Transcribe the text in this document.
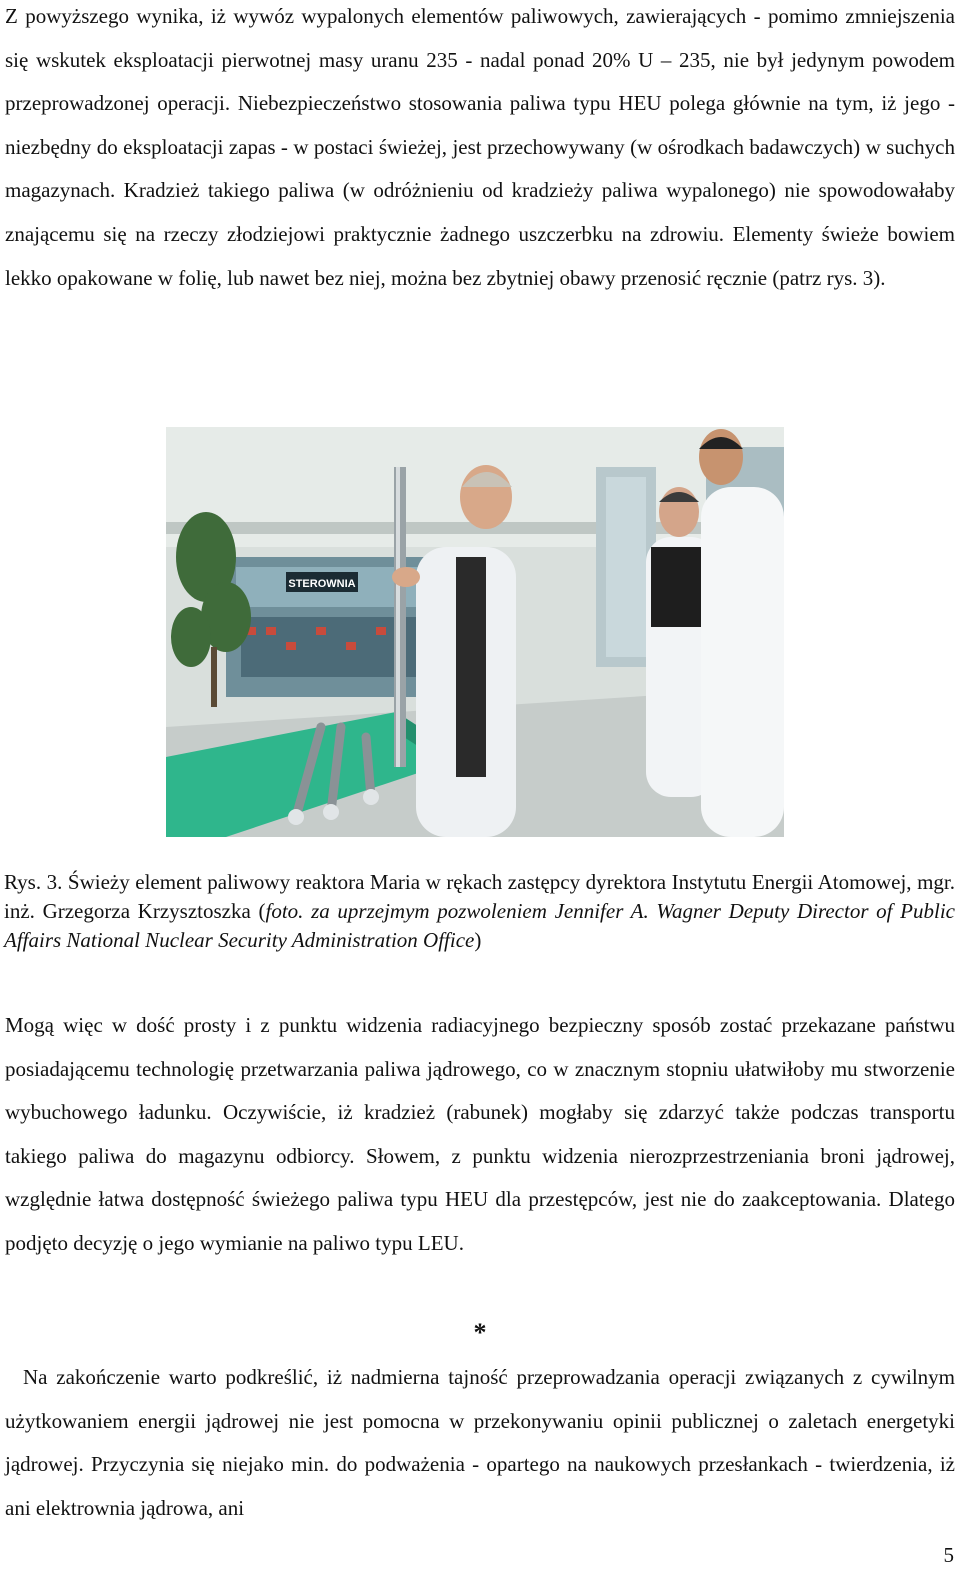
Z powyższego wynika, iż wywóz wypalonych elementów paliwowych, zawierających - pomimo zmniejszenia się wskutek eksploatacji pierwotnej masy uranu 235 - nadal ponad 20% U – 235, nie był jedynym powodem przeprowadzonej operacji. Niebezpieczeństwo stosowania paliwa typu HEU polega głównie na tym, iż jego - niezbędny do eksploatacji zapas - w postaci świeżej, jest przechowywany (w ośrodkach badawczych) w suchych magazynach. Kradzież takiego paliwa (w odróżnieniu od kradzieży paliwa wypalonego) nie spowodowałaby znającemu się na rzeczy złodziejowi praktycznie żadnego uszczerbku na zdrowiu. Elementy świeże bowiem lekko opakowane w folię, lub nawet bez niej, można bez zbytniej obawy przenosić ręcznie (patrz rys. 3).

STEROWNIA

Rys. 3. Świeży element paliwowy reaktora Maria w rękach zastępcy dyrektora Instytutu Energii Atomowej, mgr. inż. Grzegorza Krzysztoszka (foto. za uprzejmym pozwoleniem Jennifer A. Wagner Deputy Director of Public Affairs National Nuclear Security Administration Office)

Mogą więc w dość prosty i z punktu widzenia radiacyjnego bezpieczny sposób zostać przekazane państwu posiadającemu technologię przetwarzania paliwa jądrowego, co w znacznym stopniu ułatwiłoby mu stworzenie wybuchowego ładunku. Oczywiście, iż kradzież (rabunek) mogłaby się zdarzyć także podczas transportu takiego paliwa do magazynu odbiorcy. Słowem, z punktu widzenia nierozprzestrzeniania broni jądrowej, względnie łatwa dostępność świeżego paliwa typu HEU dla przestępców, jest nie do zaakceptowania. Dlatego podjęto decyzję o jego wymianie na paliwo typu LEU.

*

Na zakończenie warto podkreślić, iż nadmierna tajność przeprowadzania operacji związanych z cywilnym użytkowaniem energii jądrowej nie jest pomocna w przekonywaniu opinii publicznej o zaletach energetyki jądrowej. Przyczynia się niejako min. do podważenia - opartego na naukowych przesłankach - twierdzenia, iż ani elektrownia jądrowa, ani

5
